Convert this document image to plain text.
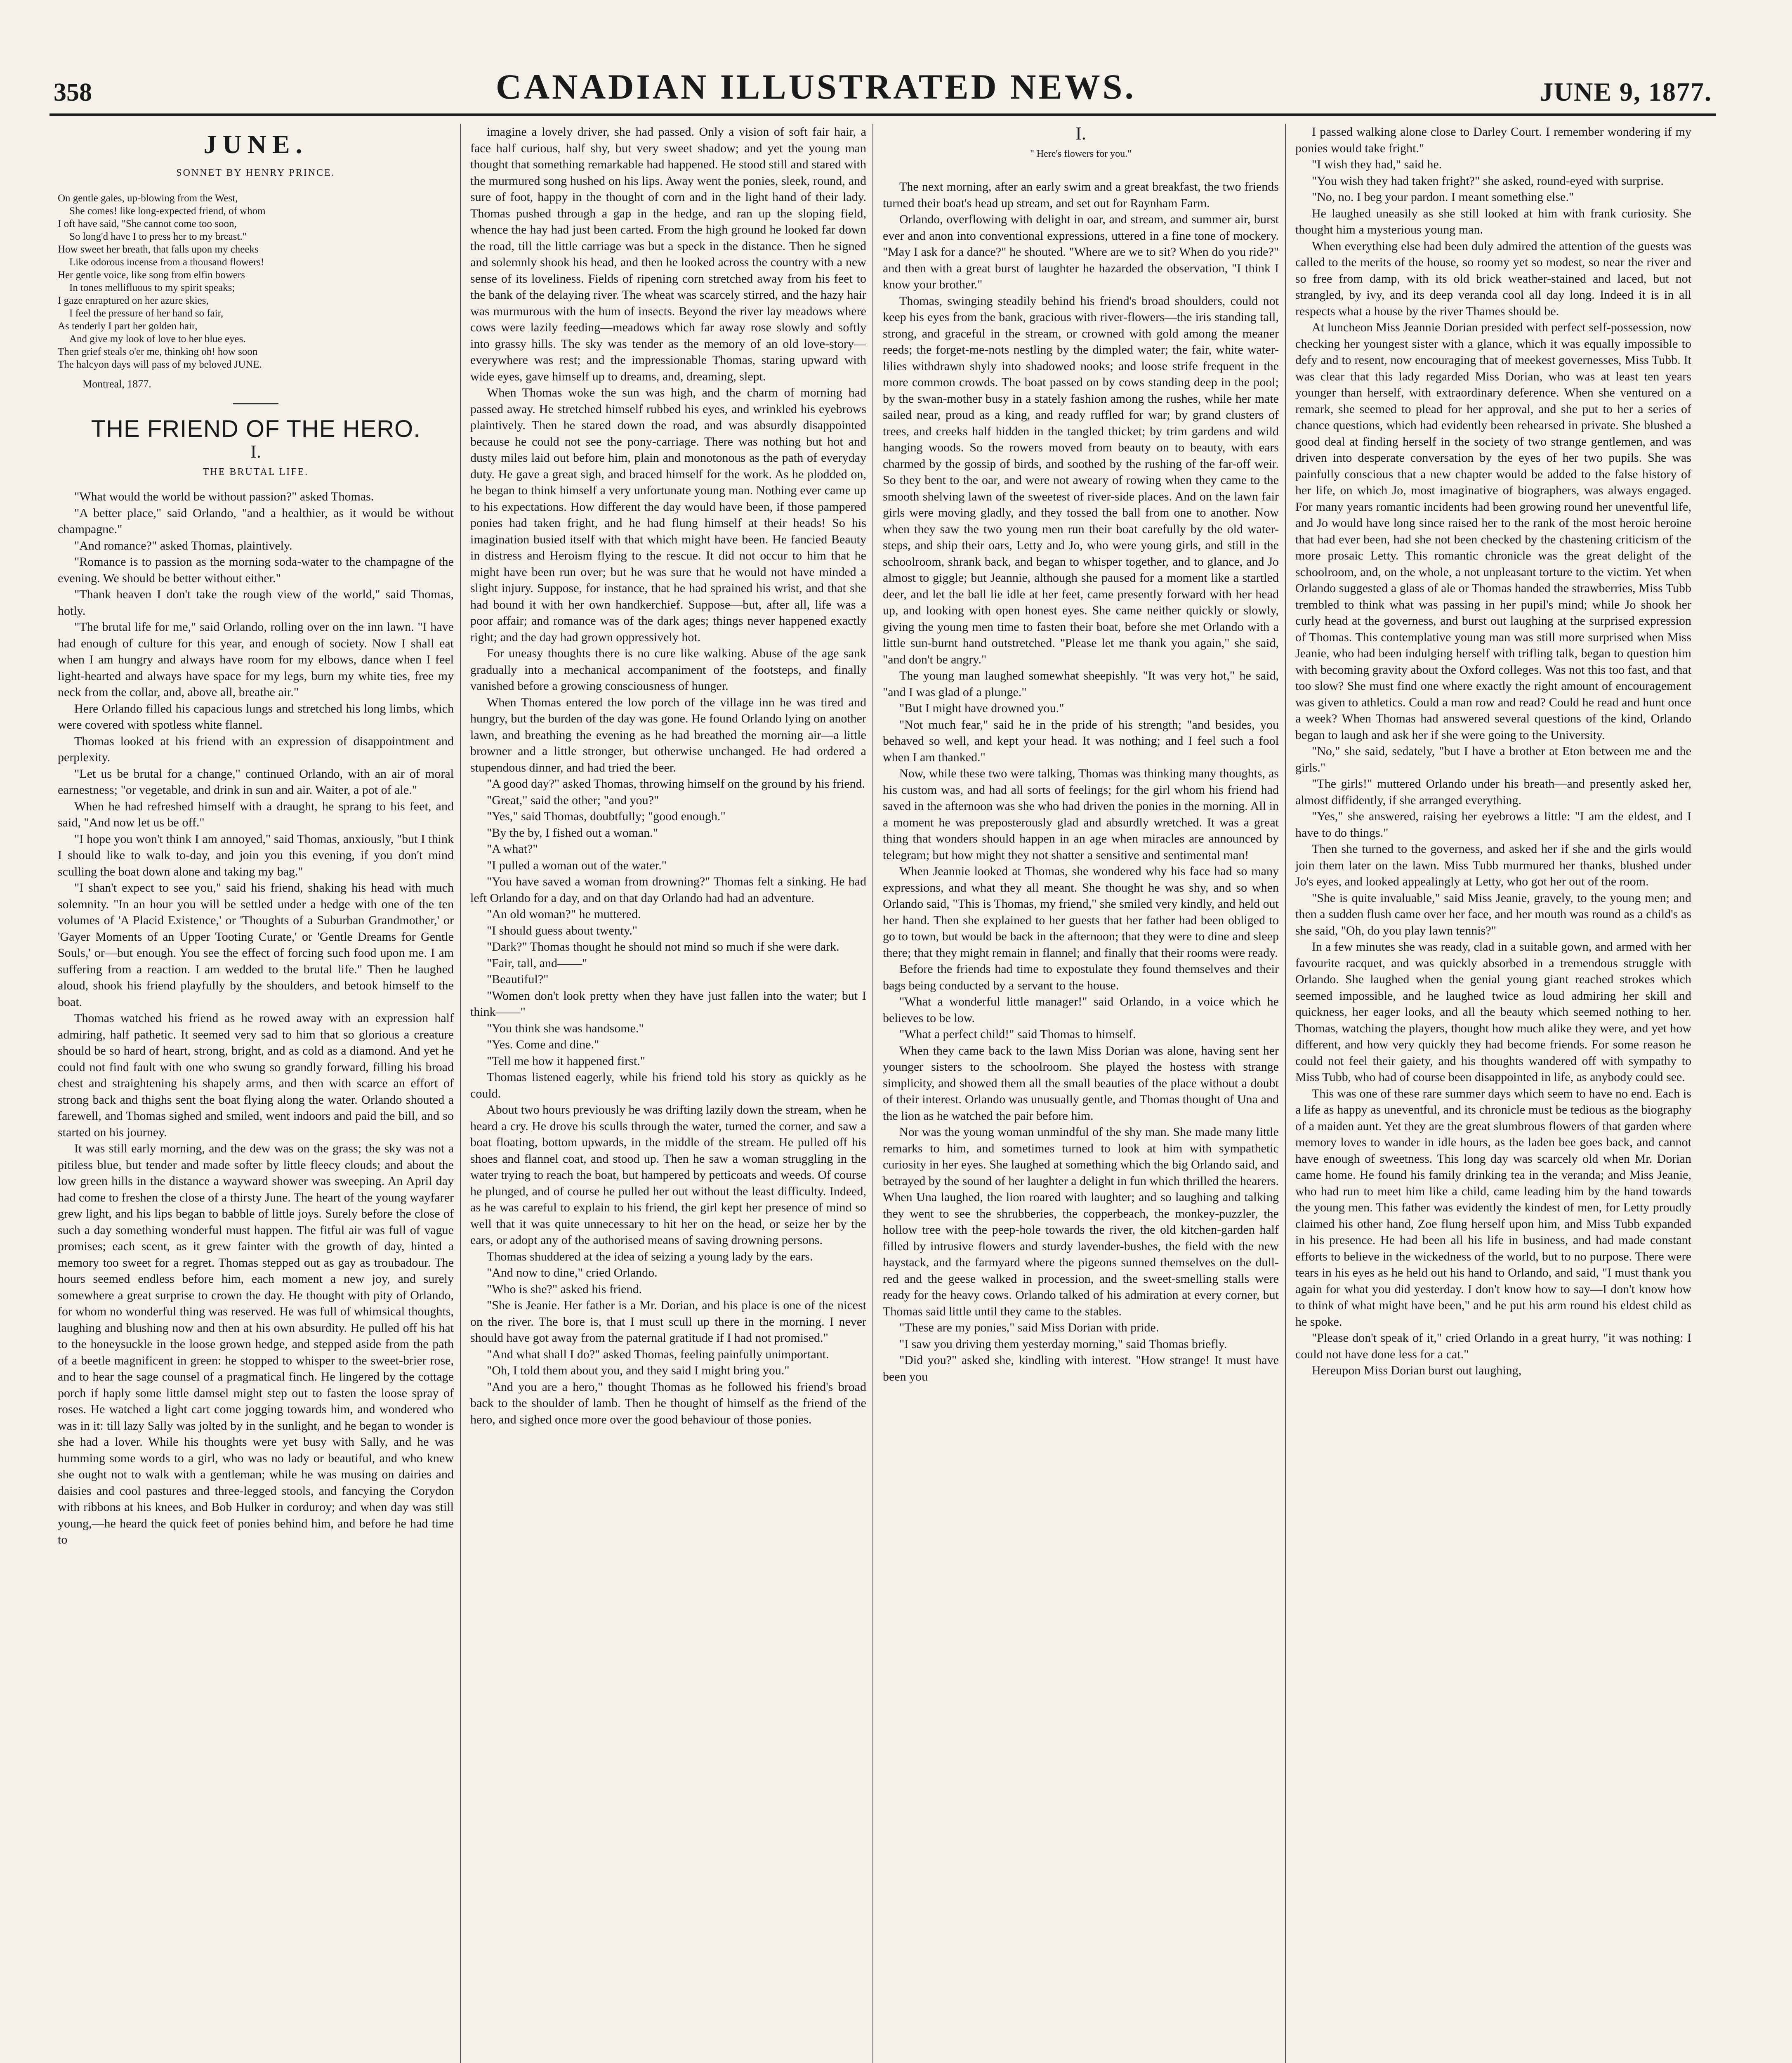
358	CANADIAN ILLUSTRATED NEWS.	JUNE 9, 1877.
JUNE.
SONNET BY HENRY PRINCE.
On gentle gales, up-blowing from the West,
She comes! like long-expected friend, of whom
I oft have said, "She cannot come too soon,
So long'd have I to press her to my breast."
How sweet her breath, that falls upon my cheeks
Like odorous incense from a thousand flowers!
Her gentle voice, like song from elfin bowers
In tones mellifluous to my spirit speaks;
I gaze enraptured on her azure skies,
I feel the pressure of her hand so fair,
As tenderly I part her golden hair,
And give my look of love to her blue eyes.
Then grief steals o'er me, thinking oh! how soon
The halcyon days will pass of my beloved JUNE.
Montreal, 1877.
THE FRIEND OF THE HERO.
I.
THE BRUTAL LIFE.

"What would the world be without passion?" asked Thomas.

"A better place," said Orlando, "and a healthier, as it would be without champagne."

"And romance?" asked Thomas, plaintively.

"Romance is to passion as the morning soda-water to the champagne of the evening. We should be better without either."

"Thank heaven I don't take the rough view of the world," said Thomas, hotly.

"The brutal life for me," said Orlando, rolling over on the inn lawn. "I have had enough of culture for this year, and enough of society. Now I shall eat when I am hungry and always have room for my elbows, dance when I feel light-hearted and always have space for my legs, burn my white ties, free my neck from the collar, and, above all, breathe air."

Here Orlando filled his capacious lungs and stretched his long limbs, which were covered with spotless white flannel.

Thomas looked at his friend with an expression of disappointment and perplexity.

"Let us be brutal for a change," continued Orlando, with an air of moral earnestness; "or vegetable, and drink in sun and air. Waiter, a pot of ale."

When he had refreshed himself with a draught, he sprang to his feet, and said, "And now let us be off."

"I hope you won't think I am annoyed," said Thomas, anxiously, "but I think I should like to walk to-day, and join you this evening, if you don't mind sculling the boat down alone and taking my bag."

"I shan't expect to see you," said his friend, shaking his head with much solemnity. "In an hour you will be settled under a hedge with one of the ten volumes of 'A Placid Existence,' or 'Thoughts of a Suburban Grandmother,' or 'Gayer Moments of an Upper Tooting Curate,' or 'Gentle Dreams for Gentle Souls,' or—but enough. You see the effect of forcing such food upon me. I am suffering from a reaction. I am wedded to the brutal life." Then he laughed aloud, shook his friend playfully by the shoulders, and betook himself to the boat.

Thomas watched his friend as he rowed away with an expression half admiring, half pathetic. It seemed very sad to him that so glorious a creature should be so hard of heart, strong, bright, and as cold as a diamond. And yet he could not find fault with one who swung so grandly forward, filling his broad chest and straightening his shapely arms, and then with scarce an effort of strong back and thighs sent the boat flying along the water. Orlando shouted a farewell, and Thomas sighed and smiled, went indoors and paid the bill, and so started on his journey.

It was still early morning, and the dew was on the grass; the sky was not a pitiless blue, but tender and made softer by little fleecy clouds; and about the low green hills in the distance a wayward shower was sweeping. An April day had come to freshen the close of a thirsty June. The heart of the young wayfarer grew light, and his lips began to babble of little joys. Surely before the close of such a day something wonderful must happen. The fitful air was full of vague promises; each scent, as it grew fainter with the growth of day, hinted a memory too sweet for a regret. Thomas stepped out as gay as troubadour. The hours seemed endless before him, each moment a new joy, and surely somewhere a great surprise to crown the day. He thought with pity of Orlando, for whom no wonderful thing was reserved. He was full of whimsical thoughts, laughing and blushing now and then at his own absurdity. He pulled off his hat to the honeysuckle in the loose grown hedge, and stepped aside from the path of a beetle magnificent in green: he stopped to whisper to the sweet-brier rose, and to hear the sage counsel of a pragmatical finch. He lingered by the cottage porch if haply some little damsel might step out to fasten the loose spray of roses. He watched a light cart come jogging towards him, and wondered who was in it: till lazy Sally was jolted by in the sunlight, and he began to wonder is she had a lover. While his thoughts were yet busy with Sally, and he was humming some words to a girl, who was no lady or beautiful, and who knew she ought not to walk with a gentleman; while he was musing on dairies and daisies and cool pastures and three-legged stools, and fancying the Corydon with ribbons at his knees, and Bob Hulker in corduroy; and when day was still young,—he heard the quick feet of ponies behind him, and before he had time to

imagine a lovely driver, she had passed. Only a vision of soft fair hair, a face half curious, half shy, but very sweet shadow; and yet the young man thought that something remarkable had happened. He stood still and stared with the murmured song hushed on his lips. Away went the ponies, sleek, round, and sure of foot, happy in the thought of corn and in the light hand of their lady. Thomas pushed through a gap in the hedge, and ran up the sloping field, whence the hay had just been carted. From the high ground he looked far down the road, till the little carriage was but a speck in the distance. Then he signed and solemnly shook his head, and then he looked across the country with a new sense of its loveliness. Fields of ripening corn stretched away from his feet to the bank of the delaying river. The wheat was scarcely stirred, and the hazy hair was murmurous with the hum of insects. Beyond the river lay meadows where cows were lazily feeding—meadows which far away rose slowly and softly into grassy hills. The sky was tender as the memory of an old love-story—everywhere was rest; and the impressionable Thomas, staring upward with wide eyes, gave himself up to dreams, and, dreaming, slept.

When Thomas woke the sun was high, and the charm of morning had passed away. He stretched himself rubbed his eyes, and wrinkled his eyebrows plaintively. Then he stared down the road, and was absurdly disappointed because he could not see the pony-carriage. There was nothing but hot and dusty miles laid out before him, plain and monotonous as the path of everyday duty. He gave a great sigh, and braced himself for the work. As he plodded on, he began to think himself a very unfortunate young man. Nothing ever came up to his expectations. How different the day would have been, if those pampered ponies had taken fright, and he had flung himself at their heads! So his imagination busied itself with that which might have been. He fancied Beauty in distress and Heroism flying to the rescue. It did not occur to him that he might have been run over; but he was sure that he would not have minded a slight injury. Suppose, for instance, that he had sprained his wrist, and that she had bound it with her own handkerchief. Suppose—but, after all, life was a poor affair; and romance was of the dark ages; things never happened exactly right; and the day had grown oppressively hot.

For uneasy thoughts there is no cure like walking. Abuse of the age sank gradually into a mechanical accompaniment of the footsteps, and finally vanished before a growing consciousness of hunger.

When Thomas entered the low porch of the village inn he was tired and hungry, but the burden of the day was gone. He found Orlando lying on another lawn, and breathing the evening as he had breathed the morning air—a little browner and a little stronger, but otherwise unchanged. He had ordered a stupendous dinner, and had tried the beer.

"A good day?" asked Thomas, throwing himself on the ground by his friend.

"Great," said the other; "and you?"

"Yes," said Thomas, doubtfully; "good enough."

"By the by, I fished out a woman."

"A what?"

"I pulled a woman out of the water."

"You have saved a woman from drowning?" Thomas felt a sinking. He had left Orlando for a day, and on that day Orlando had had an adventure.

"An old woman?" he muttered.

"I should guess about twenty."

"Dark?" Thomas thought he should not mind so much if she were dark.

"Fair, tall, and——"

"Beautiful?"

"Women don't look pretty when they have just fallen into the water; but I think——"

"You think she was handsome."

"Yes. Come and dine."

"Tell me how it happened first."

Thomas listened eagerly, while his friend told his story as quickly as he could.

About two hours previously he was drifting lazily down the stream, when he heard a cry. He drove his sculls through the water, turned the corner, and saw a boat floating, bottom upwards, in the middle of the stream. He pulled off his shoes and flannel coat, and stood up. Then he saw a woman struggling in the water trying to reach the boat, but hampered by petticoats and weeds. Of course he plunged, and of course he pulled her out without the least difficulty. Indeed, as he was careful to explain to his friend, the girl kept her presence of mind so well that it was quite unnecessary to hit her on the head, or seize her by the ears, or adopt any of the authorised means of saving drowning persons.

Thomas shuddered at the idea of seizing a young lady by the ears.

"And now to dine," cried Orlando.

"Who is she?" asked his friend.

"She is Jeanie. Her father is a Mr. Dorian, and his place is one of the nicest on the river. The bore is, that I must scull up there in the morning. I never should have got away from the paternal gratitude if I had not promised."

"And what shall I do?" asked Thomas, feeling painfully unimportant.

"Oh, I told them about you, and they said I might bring you."

"And you are a hero," thought Thomas as he followed his friend's broad back to the shoulder of lamb. Then he thought of himself as the friend of the hero, and sighed once more over the good behaviour of those ponies.

I.
" Here's flowers for you."

The next morning, after an early swim and a great breakfast, the two friends turned their boat's head up stream, and set out for Raynham Farm.

Orlando, overflowing with delight in oar, and stream, and summer air, burst ever and anon into conventional expressions, uttered in a fine tone of mockery. "May I ask for a dance?" he shouted. "Where are we to sit? When do you ride?" and then with a great burst of laughter he hazarded the observation, "I think I know your brother."

Thomas, swinging steadily behind his friend's broad shoulders, could not keep his eyes from the bank, gracious with river-flowers—the iris standing tall, strong, and graceful in the stream, or crowned with gold among the meaner reeds; the forget-me-nots nestling by the dimpled water; the fair, white water-lilies withdrawn shyly into shadowed nooks; and loose strife frequent in the more common crowds. The boat passed on by cows standing deep in the pool; by the swan-mother busy in a stately fashion among the rushes, while her mate sailed near, proud as a king, and ready ruffled for war; by grand clusters of trees, and creeks half hidden in the tangled thicket; by trim gardens and wild hanging woods. So the rowers moved from beauty on to beauty, with ears charmed by the gossip of birds, and soothed by the rushing of the far-off weir. So they bent to the oar, and were not aweary of rowing when they came to the smooth shelving lawn of the sweetest of river-side places. And on the lawn fair girls were moving gladly, and they tossed the ball from one to another. Now when they saw the two young men run their boat carefully by the old water-steps, and ship their oars, Letty and Jo, who were young girls, and still in the schoolroom, shrank back, and began to whisper together, and to glance, and Jo almost to giggle; but Jeannie, although she paused for a moment like a startled deer, and let the ball lie idle at her feet, came presently forward with her head up, and looking with open honest eyes. She came neither quickly or slowly, giving the young men time to fasten their boat, before she met Orlando with a little sun-burnt hand outstretched. "Please let me thank you again," she said, "and don't be angry."

The young man laughed somewhat sheepishly. "It was very hot," he said, "and I was glad of a plunge."

"But I might have drowned you."

"Not much fear," said he in the pride of his strength; "and besides, you behaved so well, and kept your head. It was nothing; and I feel such a fool when I am thanked."

Now, while these two were talking, Thomas was thinking many thoughts, as his custom was, and had all sorts of feelings; for the girl whom his friend had saved in the afternoon was she who had driven the ponies in the morning. All in a moment he was preposterously glad and absurdly wretched. It was a great thing that wonders should happen in an age when miracles are announced by telegram; but how might they not shatter a sensitive and sentimental man!

When Jeannie looked at Thomas, she wondered why his face had so many expressions, and what they all meant. She thought he was shy, and so when Orlando said, "This is Thomas, my friend," she smiled very kindly, and held out her hand. Then she explained to her guests that her father had been obliged to go to town, but would be back in the afternoon; that they were to dine and sleep there; that they might remain in flannel; and finally that their rooms were ready.

Before the friends had time to expostulate they found themselves and their bags being conducted by a servant to the house.

"What a wonderful little manager!" said Orlando, in a voice which he believes to be low.

"What a perfect child!" said Thomas to himself.

When they came back to the lawn Miss Dorian was alone, having sent her younger sisters to the schoolroom. She played the hostess with strange simplicity, and showed them all the small beauties of the place without a doubt of their interest. Orlando was unusually gentle, and Thomas thought of Una and the lion as he watched the pair before him.

Nor was the young woman unmindful of the shy man. She made many little remarks to him, and sometimes turned to look at him with sympathetic curiosity in her eyes. She laughed at something which the big Orlando said, and betrayed by the sound of her laughter a delight in fun which thrilled the hearers. When Una laughed, the lion roared with laughter; and so laughing and talking they went to see the shrubberies, the copperbeach, the monkey-puzzler, the hollow tree with the peep-hole towards the river, the old kitchen-garden half filled by intrusive flowers and sturdy lavender-bushes, the field with the new haystack, and the farmyard where the pigeons sunned themselves on the dull-red and the geese walked in procession, and the sweet-smelling stalls were ready for the heavy cows. Orlando talked of his admiration at every corner, but Thomas said little until they came to the stables.

"These are my ponies," said Miss Dorian with pride.

"I saw you driving them yesterday morning," said Thomas briefly.

"Did you?" asked she, kindling with interest. "How strange! It must have been you

I passed walking alone close to Darley Court. I remember wondering if my ponies would take fright."

"I wish they had," said he.

"You wish they had taken fright?" she asked, round-eyed with surprise.

"No, no. I beg your pardon. I meant something else."

He laughed uneasily as she still looked at him with frank curiosity. She thought him a mysterious young man.

When everything else had been duly admired the attention of the guests was called to the merits of the house, so roomy yet so modest, so near the river and so free from damp, with its old brick weather-stained and laced, but not strangled, by ivy, and its deep veranda cool all day long. Indeed it is in all respects what a house by the river Thames should be.

At luncheon Miss Jeannie Dorian presided with perfect self-possession, now checking her youngest sister with a glance, which it was equally impossible to defy and to resent, now encouraging that of meekest governesses, Miss Tubb. It was clear that this lady regarded Miss Dorian, who was at least ten years younger than herself, with extraordinary deference. When she ventured on a remark, she seemed to plead for her approval, and she put to her a series of chance questions, which had evidently been rehearsed in private. She blushed a good deal at finding herself in the society of two strange gentlemen, and was driven into desperate conversation by the eyes of her two pupils. She was painfully conscious that a new chapter would be added to the false history of her life, on which Jo, most imaginative of biographers, was always engaged. For many years romantic incidents had been growing round her uneventful life, and Jo would have long since raised her to the rank of the most heroic heroine that had ever been, had she not been checked by the chastening criticism of the more prosaic Letty. This romantic chronicle was the great delight of the schoolroom, and, on the whole, a not unpleasant torture to the victim. Yet when Orlando suggested a glass of ale or Thomas handed the strawberries, Miss Tubb trembled to think what was passing in her pupil's mind; while Jo shook her curly head at the governess, and burst out laughing at the surprised expression of Thomas. This contemplative young man was still more surprised when Miss Jeanie, who had been indulging herself with trifling talk, began to question him with becoming gravity about the Oxford colleges. Was not this too fast, and that too slow? She must find one where exactly the right amount of encouragement was given to athletics. Could a man row and read? Could he read and hunt once a week? When Thomas had answered several questions of the kind, Orlando began to laugh and ask her if she were going to the University.

"No," she said, sedately, "but I have a brother at Eton between me and the girls."

"The girls!" muttered Orlando under his breath—and presently asked her, almost diffidently, if she arranged everything.

"Yes," she answered, raising her eyebrows a little: "I am the eldest, and I have to do things."

Then she turned to the governess, and asked her if she and the girls would join them later on the lawn. Miss Tubb murmured her thanks, blushed under Jo's eyes, and looked appealingly at Letty, who got her out of the room.

"She is quite invaluable," said Miss Jeanie, gravely, to the young men; and then a sudden flush came over her face, and her mouth was round as a child's as she said, "Oh, do you play lawn tennis?"

In a few minutes she was ready, clad in a suitable gown, and armed with her favourite racquet, and was quickly absorbed in a tremendous struggle with Orlando. She laughed when the genial young giant reached strokes which seemed impossible, and he laughed twice as loud admiring her skill and quickness, her eager looks, and all the beauty which seemed nothing to her. Thomas, watching the players, thought how much alike they were, and yet how different, and how very quickly they had become friends. For some reason he could not feel their gaiety, and his thoughts wandered off with sympathy to Miss Tubb, who had of course been disappointed in life, as anybody could see.

This was one of these rare summer days which seem to have no end. Each is a life as happy as uneventful, and its chronicle must be tedious as the biography of a maiden aunt. Yet they are the great slumbrous flowers of that garden where memory loves to wander in idle hours, as the laden bee goes back, and cannot have enough of sweetness. This long day was scarcely old when Mr. Dorian came home. He found his family drinking tea in the veranda; and Miss Jeanie, who had run to meet him like a child, came leading him by the hand towards the young men. This father was evidently the kindest of men, for Letty proudly claimed his other hand, Zoe flung herself upon him, and Miss Tubb expanded in his presence. He had been all his life in business, and had made constant efforts to believe in the wickedness of the world, but to no purpose. There were tears in his eyes as he held out his hand to Orlando, and said, "I must thank you again for what you did yesterday. I don't know how to say—I don't know how to think of what might have been," and he put his arm round his eldest child as he spoke.

"Please don't speak of it," cried Orlando in a great hurry, "it was nothing: I could not have done less for a cat."

Hereupon Miss Dorian burst out laughing,
